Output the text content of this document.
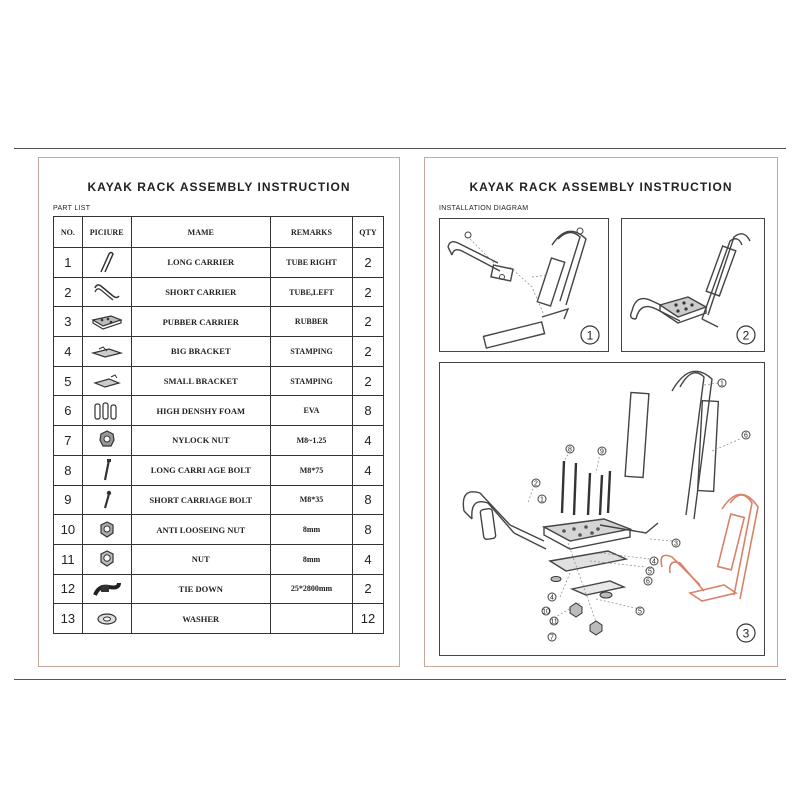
KAYAK RACK ASSEMBLY INSTRUCTION
PART LIST
NO.	PICIURE	MAME	REMARKS	QTY
1		LONG CARRIER	TUBE RIGHT	2
2		SHORT CARRIER	TUBE,LEFT	2
3		PUBBER CARRIER	RUBBER	2
4		BIG BRACKET	STAMPING	2
5		SMALL BRACKET	STAMPING	2
6		HIGH DENSHY FOAM	EVA	8
7		NYLOCK NUT	M8~1.25	4
8		LONG CARRI AGE BOLT	M8*75	4
9		SHORT CARRIAGE BOLT	M8*35	8
10		ANTI LOOSEING NUT	8mm	8
11		NUT	8mm	4
12		TIE DOWN	25*2800mm	2
13		WASHER		12
KAYAK RACK ASSEMBLY INSTRUCTION
INSTALLATION DIAGRAM
1	2
1
6
8	9
2
1
3
4
5
4
10
11
7
5
6
3
